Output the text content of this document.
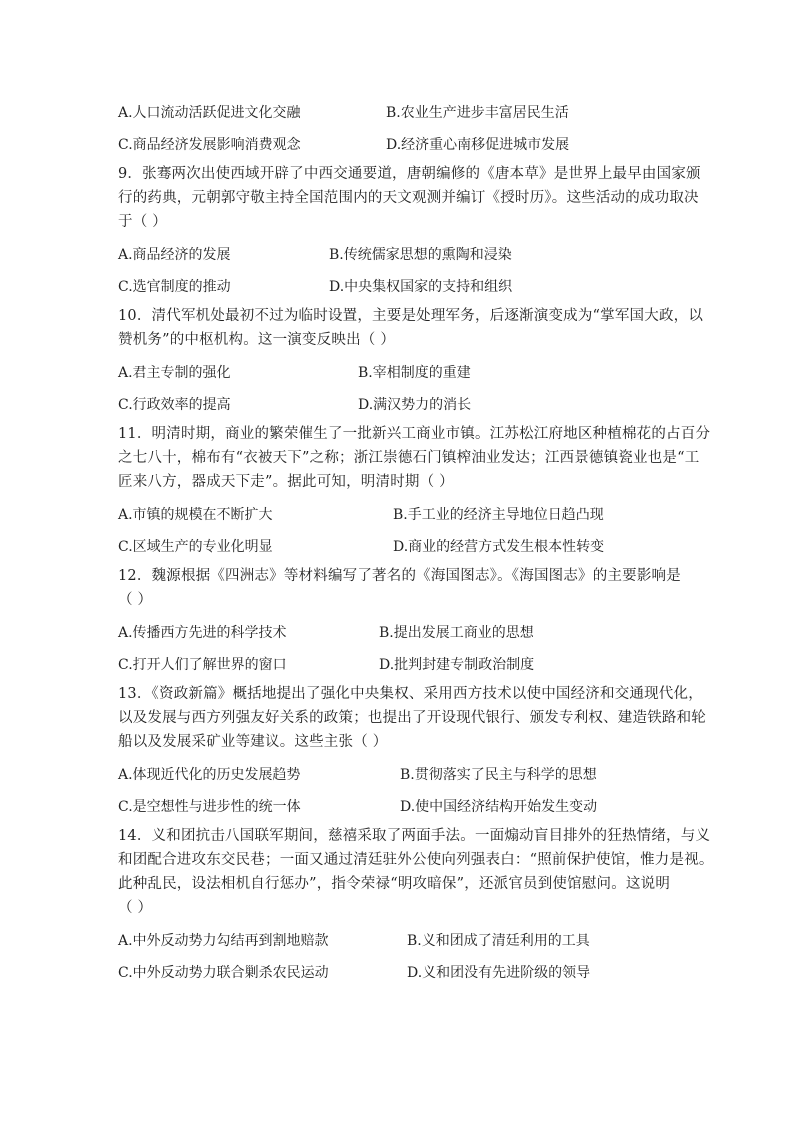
A.人口流动活跃促进文化交融	B.农业生产进步丰富居民生活
C.商品经济发展影响消费观念	D.经济重心南移促进城市发展
9．张骞两次出使西域开辟了中西交通要道，唐朝编修的《唐本草》是世界上最早由国家颁
行的药典，元朝郭守敬主持全国范围内的天文观测并编订《授时历》。这些活动的成功取决
于（ ）
A.商品经济的发展	B.传统儒家思想的熏陶和浸染
C.选官制度的推动	D.中央集权国家的支持和组织
10．清代军机处最初不过为临时设置，主要是处理军务，后逐渐演变成为“掌军国大政，以
赞机务”的中枢机构。这一演变反映出（ ）
A.君主专制的强化	B.宰相制度的重建
C.行政效率的提高	D.满汉势力的消长
11．明清时期，商业的繁荣催生了一批新兴工商业市镇。江苏松江府地区种植棉花的占百分
之七八十，棉布有“衣被天下”之称；浙江崇德石门镇榨油业发达；江西景德镇瓷业也是“工
匠来八方，器成天下走”。据此可知，明清时期（ ）
A.市镇的规模在不断扩大	B.手工业的经济主导地位日趋凸现
C.区域生产的专业化明显	D.商业的经营方式发生根本性转变
12．魏源根据《四洲志》等材料编写了著名的《海国图志》。《海国图志》的主要影响是
（ ）
A.传播西方先进的科学技术	B.提出发展工商业的思想
C.打开人们了解世界的窗口	D.批判封建专制政治制度
13．《资政新篇》概括地提出了强化中央集权、采用西方技术以使中国经济和交通现代化，
以及发展与西方列强友好关系的政策；也提出了开设现代银行、颁发专利权、建造铁路和轮
船以及发展采矿业等建议。这些主张（ ）
A.体现近代化的历史发展趋势	B.贯彻落实了民主与科学的思想
C.是空想性与进步性的统一体	D.使中国经济结构开始发生变动
14．义和团抗击八国联军期间，慈禧采取了两面手法。一面煽动盲目排外的狂热情绪，与义
和团配合进攻东交民巷；一面又通过清廷驻外公使向列强表白：“照前保护使馆，惟力是视。
此种乱民，设法相机自行惩办”，指令荣禄“明攻暗保”，还派官员到使馆慰问。这说明
（ ）
A.中外反动势力勾结再到割地赔款	B.义和团成了清廷利用的工具
C.中外反动势力联合剿杀农民运动	D.义和团没有先进阶级的领导
